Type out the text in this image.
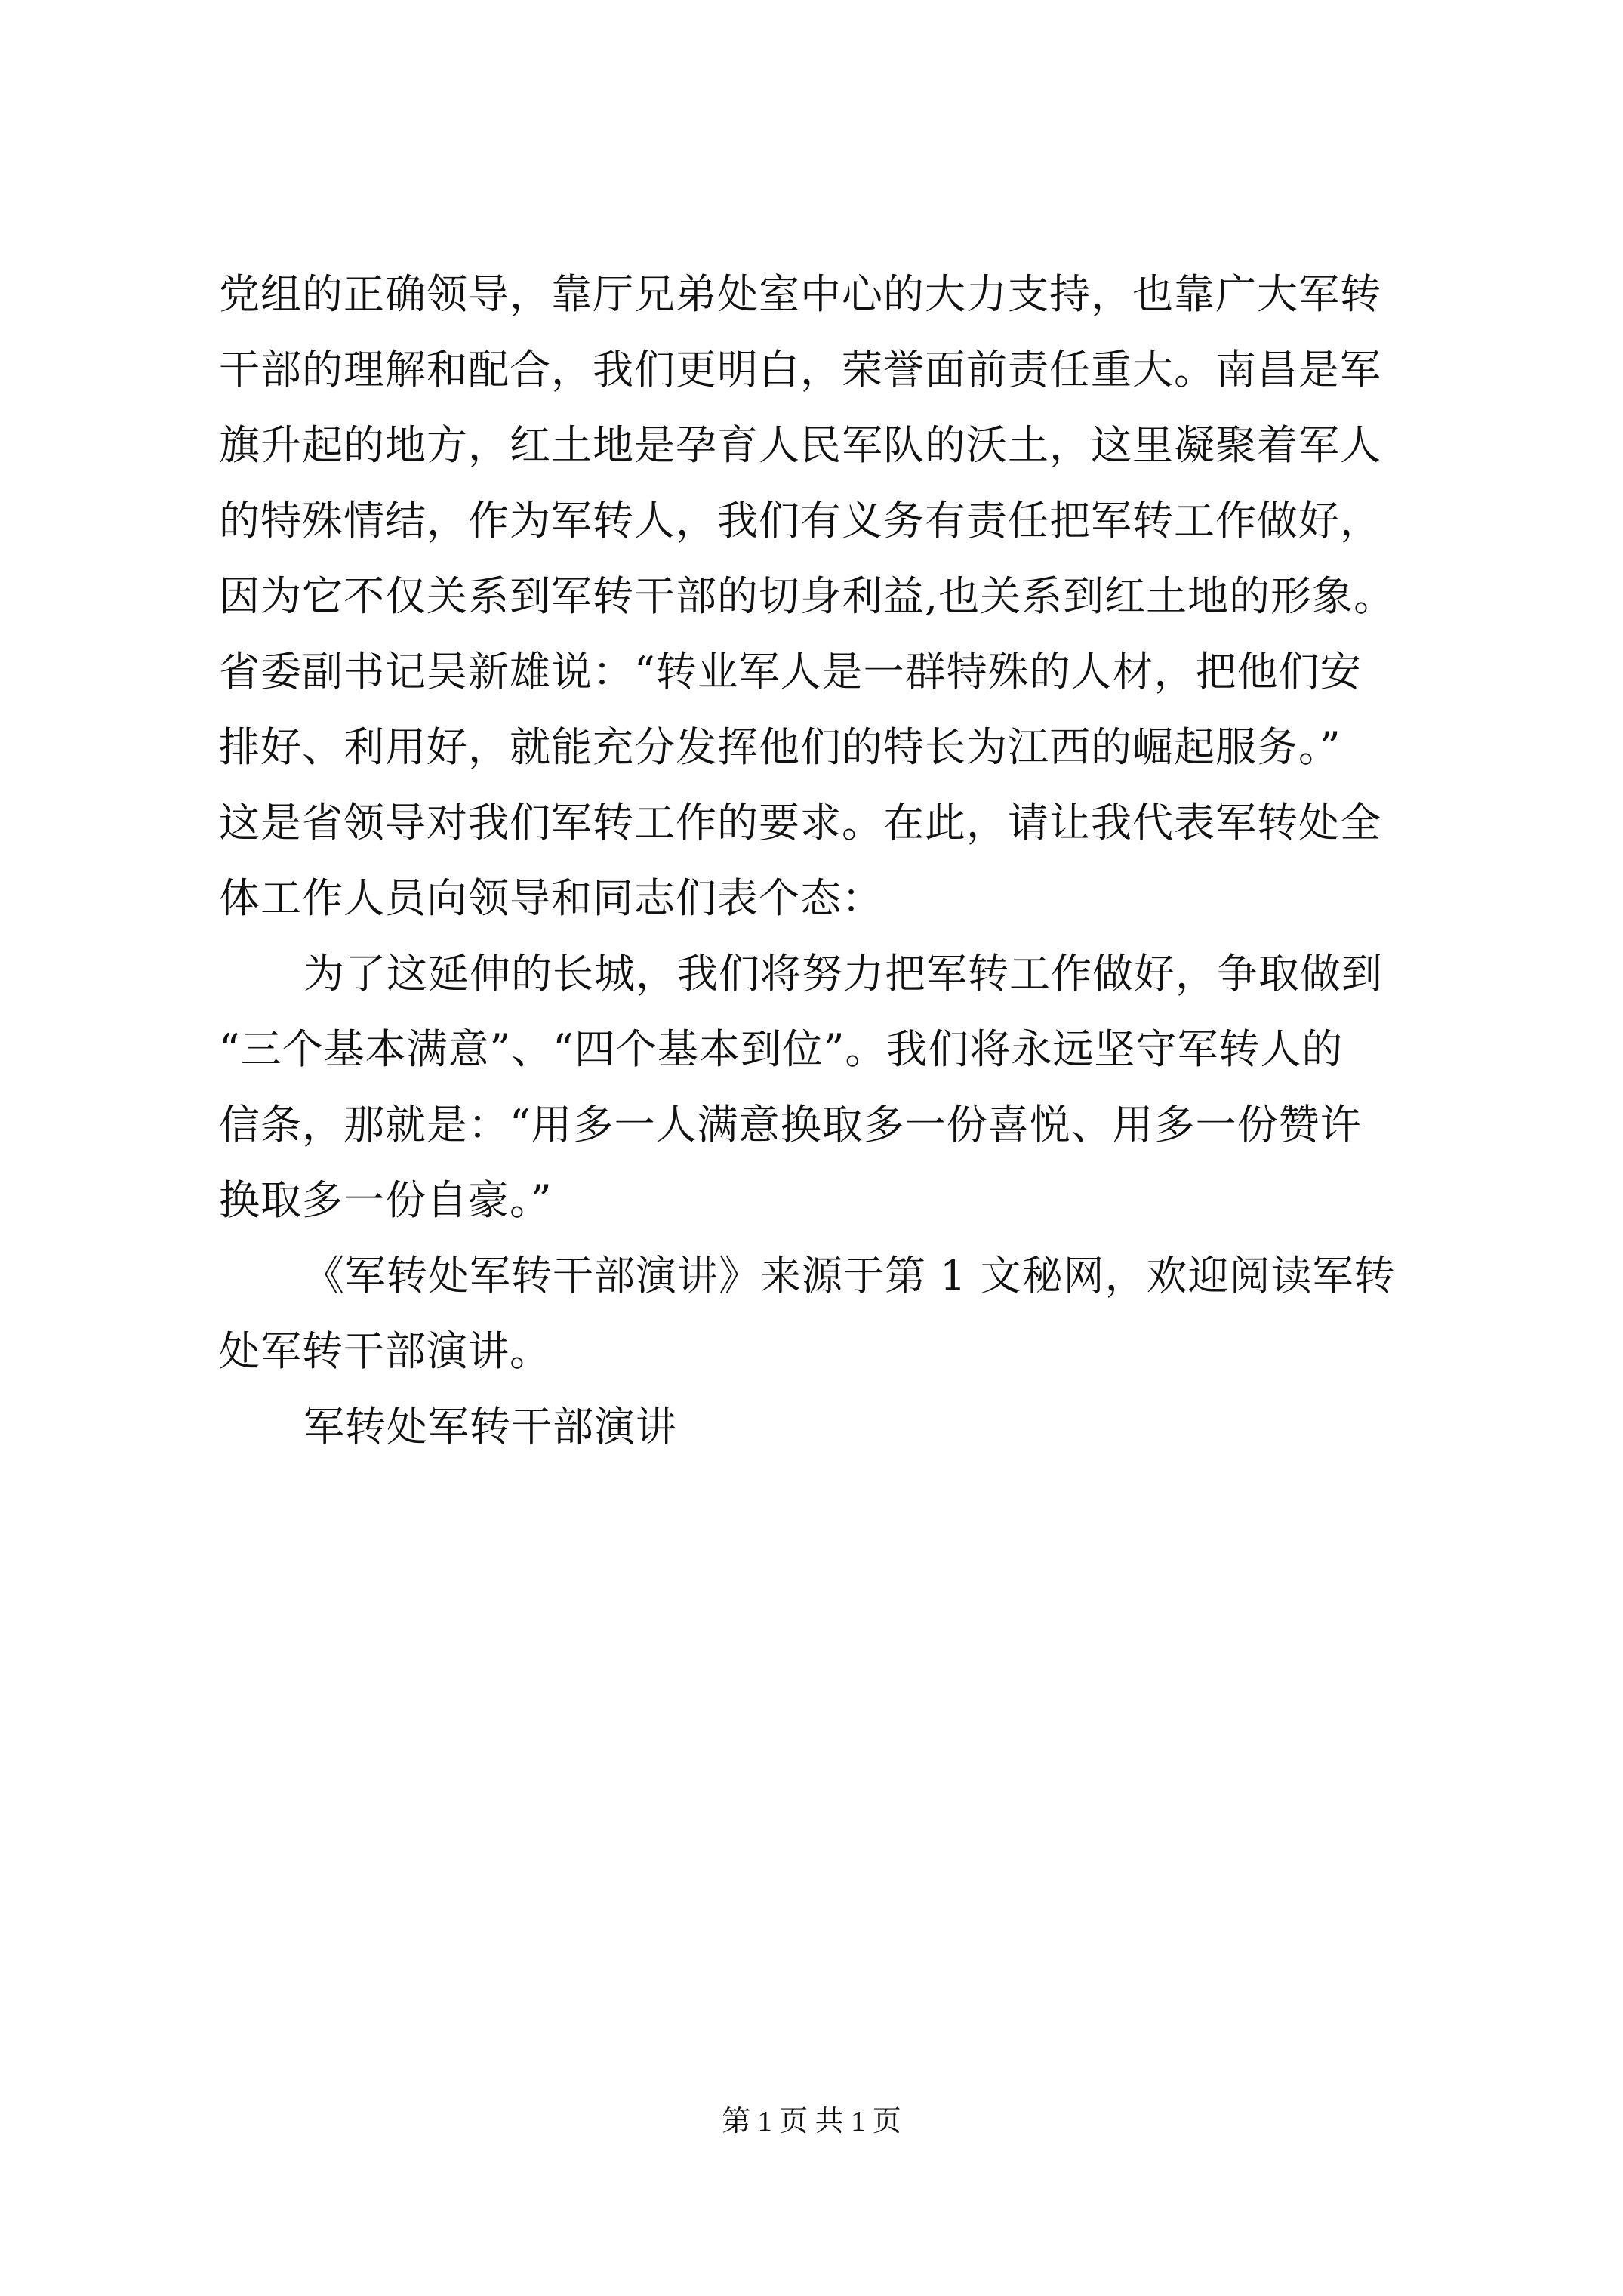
党组的正确领导，靠厅兄弟处室中心的大力支持，也靠广大军转
干部的理解和配合，我们更明白，荣誉面前责任重大。南昌是军
旗升起的地方，红土地是孕育人民军队的沃土，这里凝聚着军人
的特殊情结，作为军转人，我们有义务有责任把军转工作做好，
因为它不仅关系到军转干部的切身利益,也关系到红土地的形象。
省委副书记吴新雄说：“转业军人是一群特殊的人材，把他们安
排好、利用好，就能充分发挥他们的特长为江西的崛起服务。”
这是省领导对我们军转工作的要求。在此，请让我代表军转处全
体工作人员向领导和同志们表个态：
为了这延伸的长城，我们将努力把军转工作做好，争取做到
“三个基本满意”、“四个基本到位”。我们将永远坚守军转人的
信条，那就是：“用多一人满意换取多一份喜悦、用多一份赞许
换取多一份自豪。”
《军转处军转干部演讲》来源于第 1 文秘网，欢迎阅读军转
处军转干部演讲。
军转处军转干部演讲
第 1 页 共 1 页
